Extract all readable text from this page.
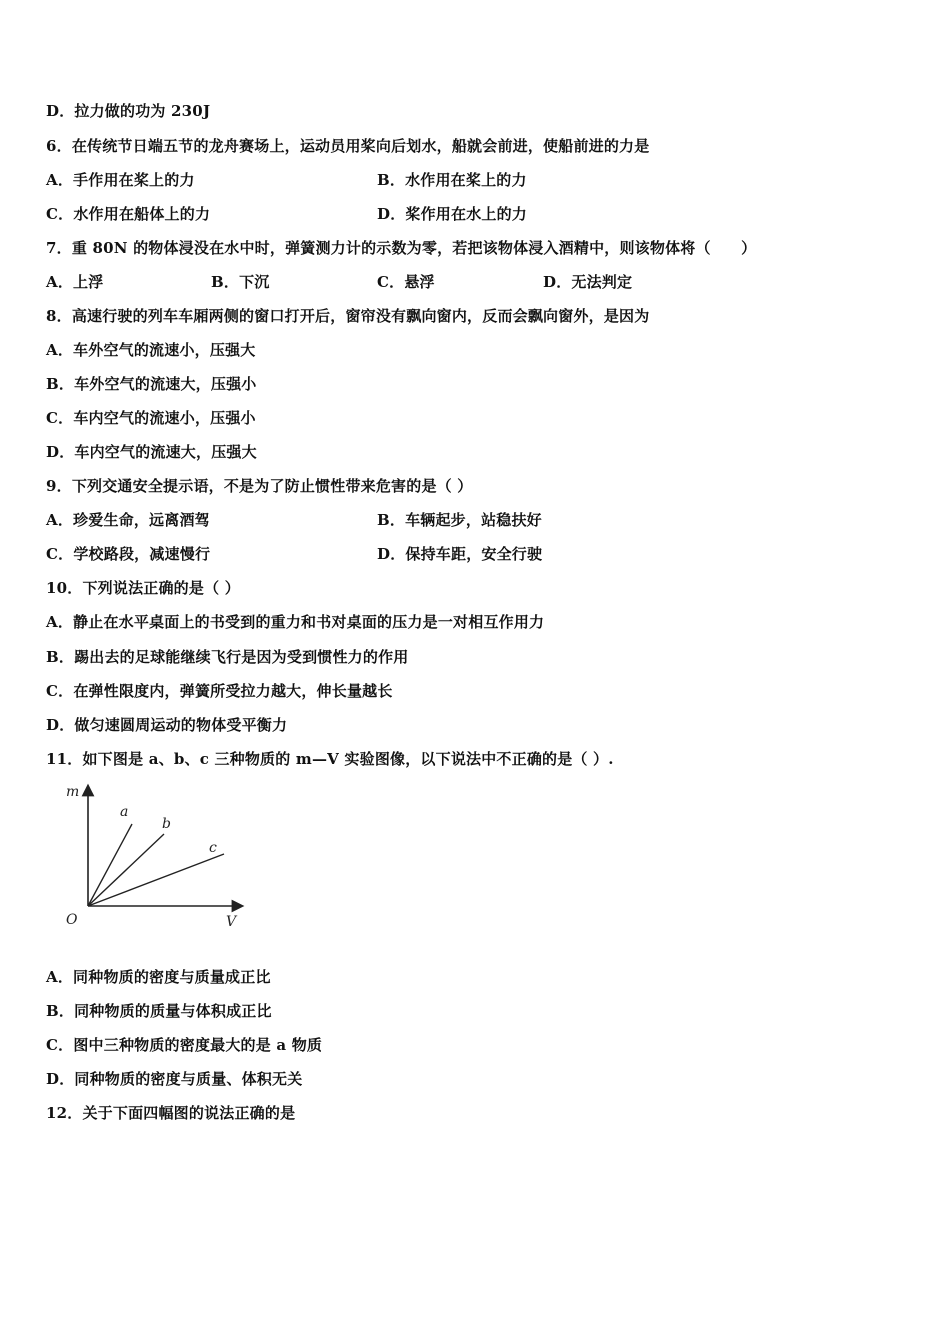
D．拉力做的功为 230J
6．在传统节日端五节的龙舟赛场上，运动员用桨向后划水，船就会前进，使船前进的力是
A．手作用在桨上的力	B．水作用在桨上的力
C．水作用在船体上的力	D．桨作用在水上的力
7．重 80N 的物体浸没在水中时，弹簧测力计的示数为零，若把该物体浸入酒精中，则该物体将（　　）
A．上浮	B．下沉	C．悬浮	D．无法判定
8．高速行驶的列车车厢两侧的窗口打开后，窗帘没有飘向窗内，反而会飘向窗外，是因为
A．车外空气的流速小，压强大
B．车外空气的流速大，压强小
C．车内空气的流速小，压强小
D．车内空气的流速大，压强大
9．下列交通安全提示语，不是为了防止惯性带来危害的是（ ）
A．珍爱生命，远离酒驾	B．车辆起步，站稳扶好
C．学校路段，减速慢行	D．保持车距，安全行驶
10．下列说法正确的是（ ）
A．静止在水平桌面上的书受到的重力和书对桌面的压力是一对相互作用力
B．踢出去的足球能继续飞行是因为受到惯性力的作用
C．在弹性限度内，弹簧所受拉力越大，伸长量越长
D．做匀速圆周运动的物体受平衡力
11．如下图是 a、b、c 三种物质的 m—V 实验图像，以下说法中不正确的是（ ）.
m
V
O
a
b
c
A．同种物质的密度与质量成正比
B．同种物质的质量与体积成正比
C．图中三种物质的密度最大的是 a 物质
D．同种物质的密度与质量、体积无关
12．关于下面四幅图的说法正确的是
